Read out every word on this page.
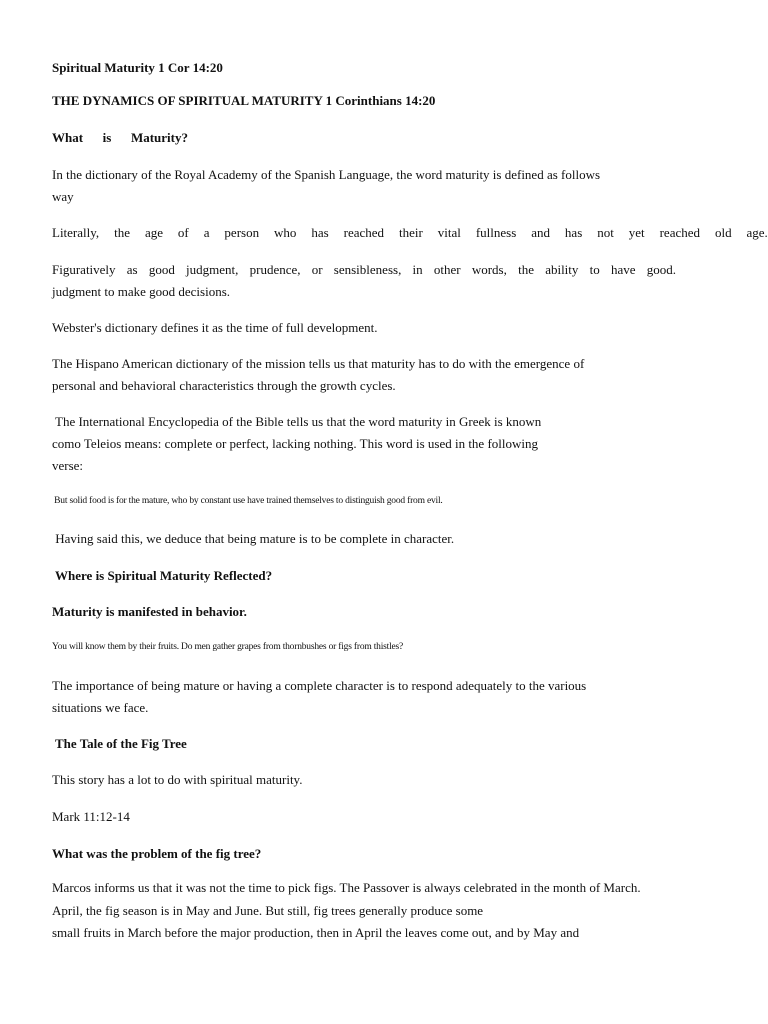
Spiritual Maturity 1 Cor 14:20

THE DYNAMICS OF SPIRITUAL MATURITY 1 Corinthians 14:20

What is Maturity?

In the dictionary of the Royal Academy of the Spanish Language, the word maturity is defined as follows

way

Literally, the age of a person who has reached their vital fullness and has not yet reached old age.

Figuratively as good judgment, prudence, or sensibleness, in other words, the ability to have good.

judgment to make good decisions.

Webster's dictionary defines it as the time of full development.

The Hispano American dictionary of the mission tells us that maturity has to do with the emergence of

personal and behavioral characteristics through the growth cycles.

The International Encyclopedia of the Bible tells us that the word maturity in Greek is known

como Teleios means: complete or perfect, lacking nothing. This word is used in the following

verse:

But solid food is for the mature, who by constant use have trained themselves to distinguish good from evil.

Having said this, we deduce that being mature is to be complete in character.

Where is Spiritual Maturity Reflected?

Maturity is manifested in behavior.

You will know them by their fruits. Do men gather grapes from thornbushes or figs from thistles?

The importance of being mature or having a complete character is to respond adequately to the various

situations we face.

The Tale of the Fig Tree

This story has a lot to do with spiritual maturity.

Mark 11:12-14

What was the problem of the fig tree?

Marcos informs us that it was not the time to pick figs. The Passover is always celebrated in the month of March.

April, the fig season is in May and June. But still, fig trees generally produce some

small fruits in March before the major production, then in April the leaves come out, and by May and
